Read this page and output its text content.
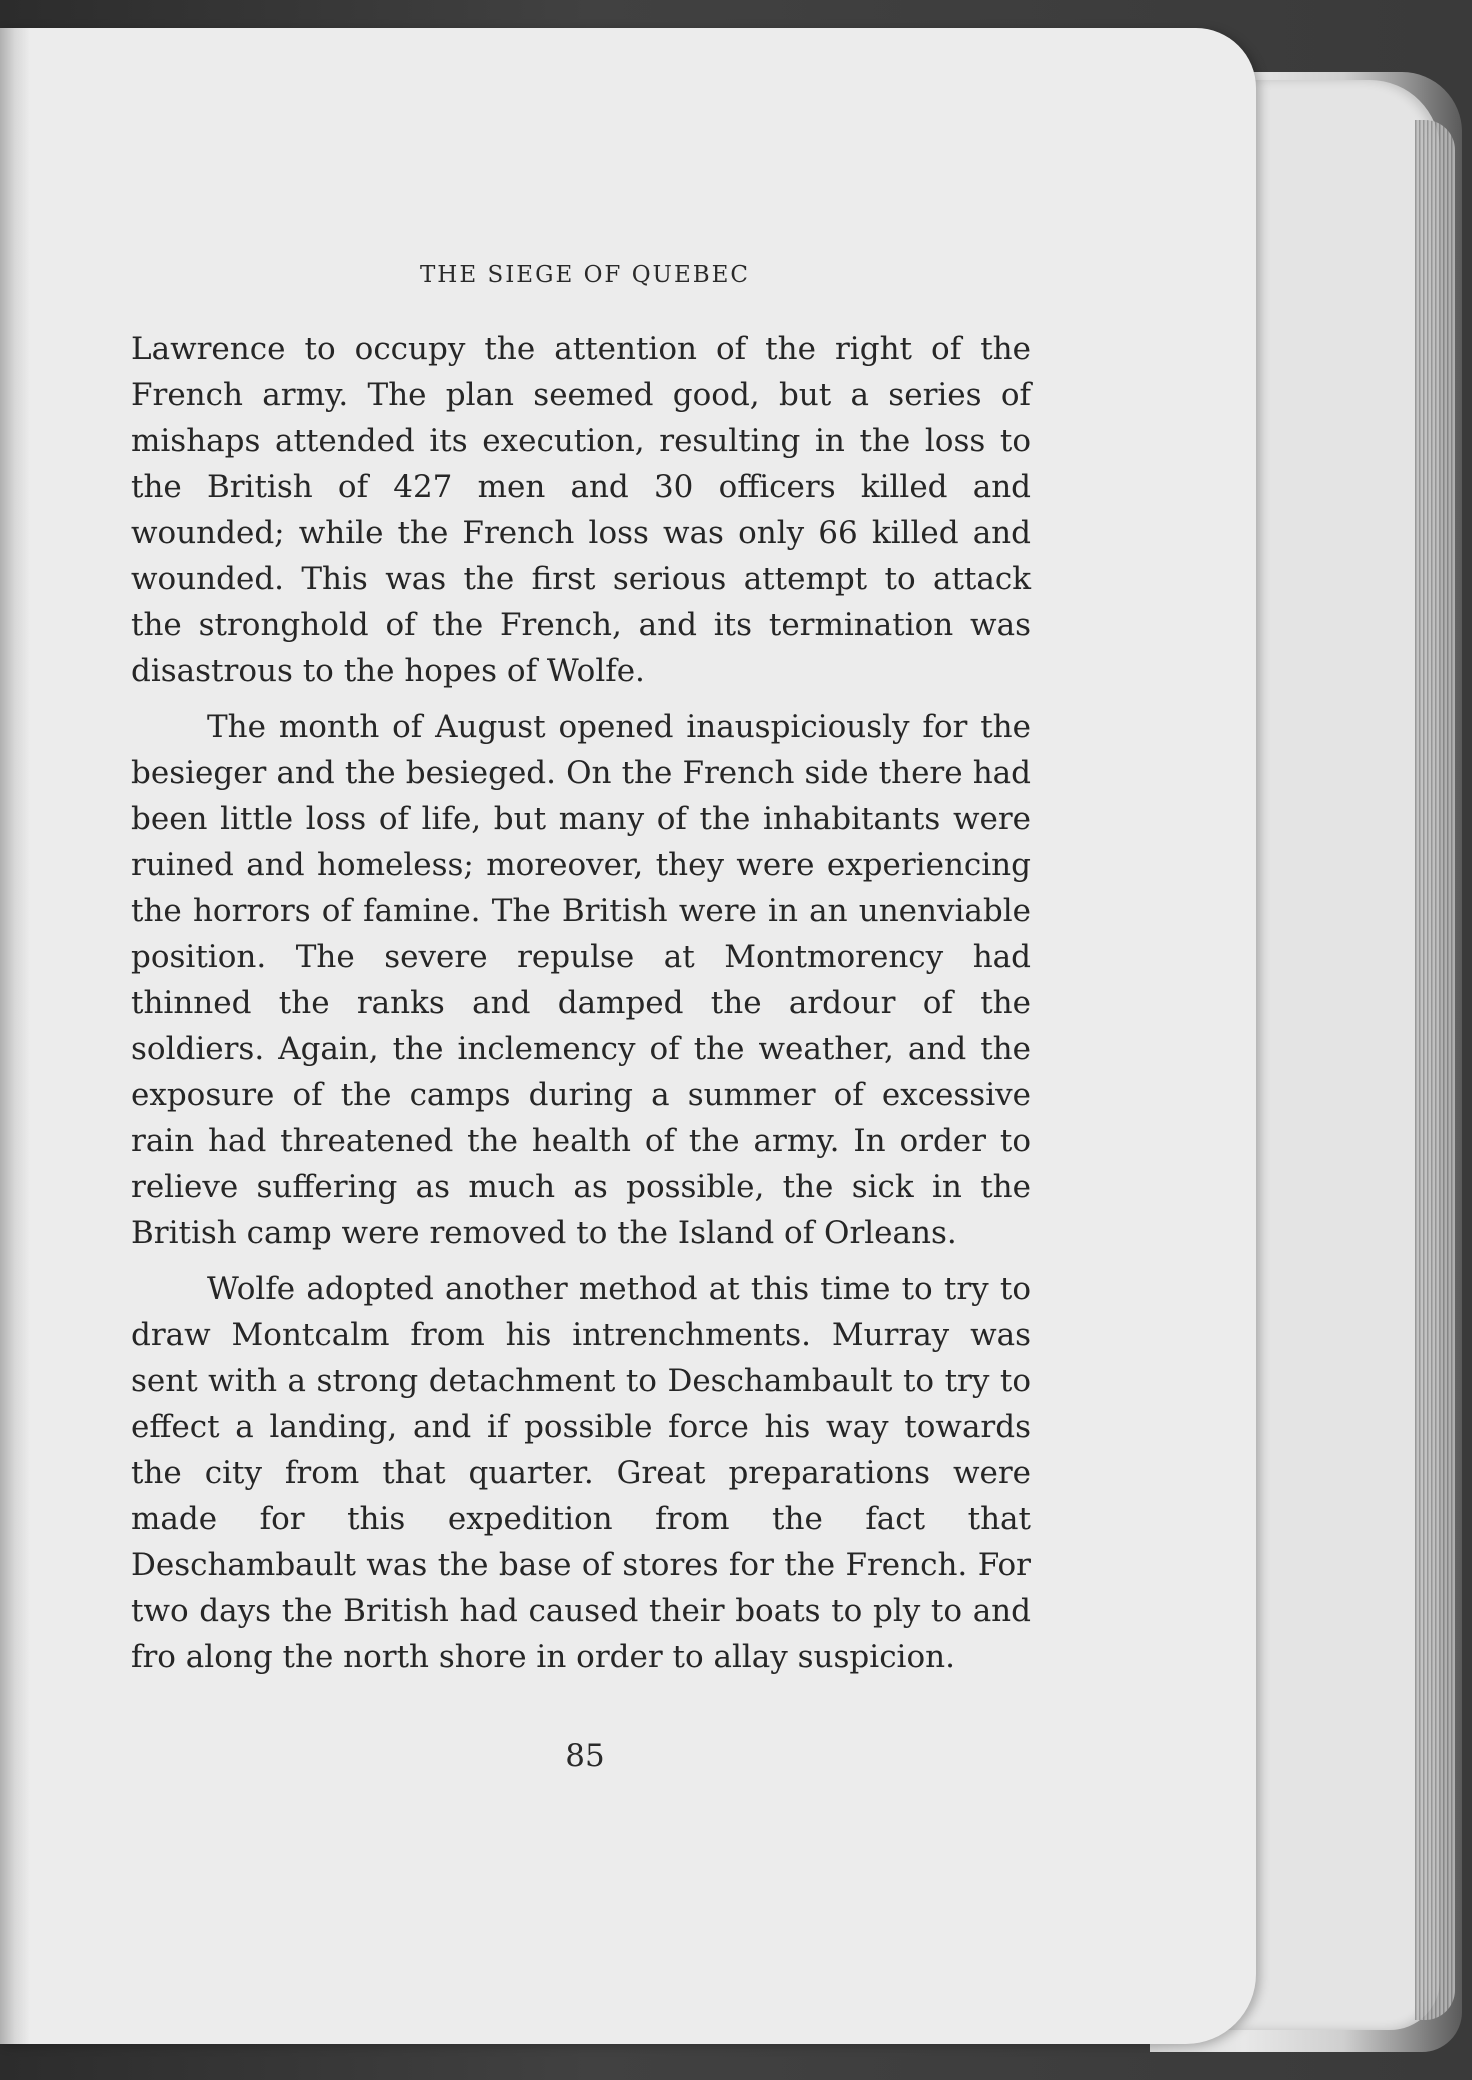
THE SIEGE OF QUEBEC

Lawrence to occupy the attention of the right of the French army. The plan seemed good, but a series of mishaps attended its execution, resulting in the loss to the British of 427 men and 30 officers killed and wounded; while the French loss was only 66 killed and wounded. This was the first serious attempt to attack the stronghold of the French, and its termination was disastrous to the hopes of Wolfe.

The month of August opened inauspiciously for the besieger and the besieged. On the French side there had been little loss of life, but many of the inhabitants were ruined and homeless; moreover, they were experiencing the horrors of famine. The British were in an unenviable position. The severe repulse at Montmorency had thinned the ranks and damped the ardour of the soldiers. Again, the inclemency of the weather, and the exposure of the camps during a summer of excessive rain had threatened the health of the army. In order to relieve suffering as much as possible, the sick in the British camp were removed to the Island of Orleans.

Wolfe adopted another method at this time to try to draw Montcalm from his intrenchments. Murray was sent with a strong detachment to Deschambault to try to effect a landing, and if possible force his way towards the city from that quarter. Great preparations were made for this expedition from the fact that Deschambault was the base of stores for the French. For two days the British had caused their boats to ply to and fro along the north shore in order to allay suspicion.

85
